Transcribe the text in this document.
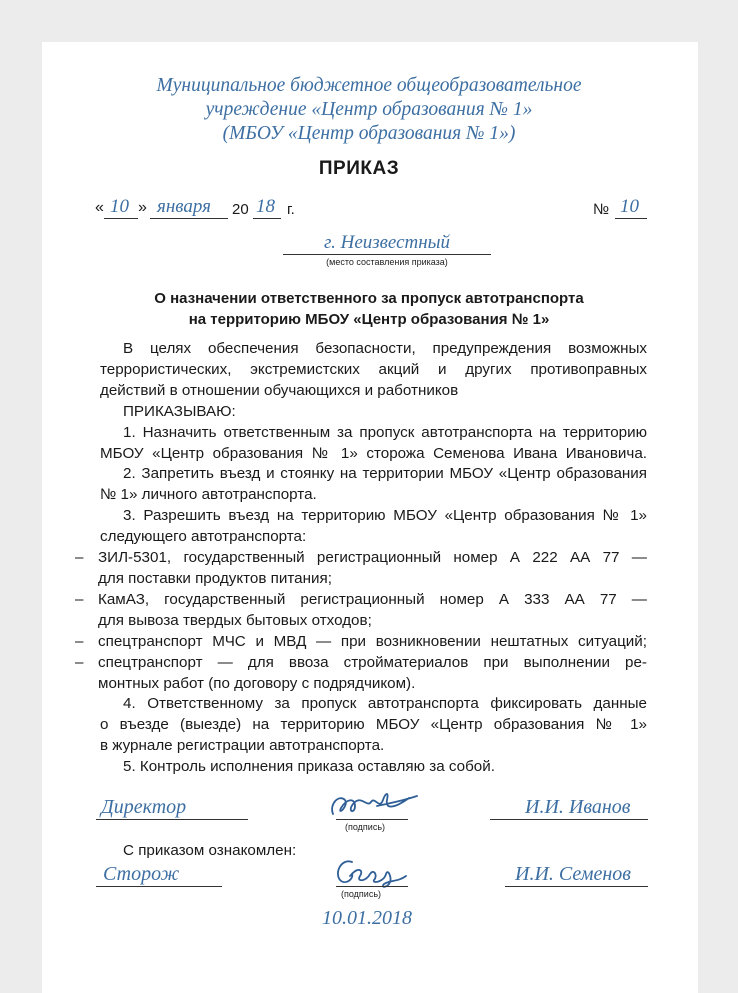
Муниципальное бюджетное общеобразовательное
учреждение «Центр образования № 1»
(МБОУ «Центр образования № 1»)
ПРИКАЗ
« 10 » января 20 18 г.	№ 10
г. Неизвестный
(место составления приказа)
О назначении ответственного за пропуск автотранспорта
на территорию МБОУ «Центр образования № 1»

В целях обеспечения безопасности, предупреждения возможных

террористических, экстремистских акций и других противоправных

действий в отношении обучающихся и работников

ПРИКАЗЫВАЮ:

1. Назначить ответственным за пропуск автотранспорта на территорию

МБОУ «Центр образования № 1» сторожа Семенова Ивана Ивановича.

2. Запретить въезд и стоянку на территории МБОУ «Центр образования

№ 1» личного автотранспорта.

3. Разрешить въезд на территорию МБОУ «Центр образования № 1»

следующего автотранспорта:

– ЗИЛ-5301, государственный регистрационный номер А 222 АА 77 —

для поставки продуктов питания;

– КамАЗ, государственный регистрационный номер А 333 АА 77 —

для вывоза твердых бытовых отходов;

– спецтранспорт МЧС и МВД — при возникновении нештатных ситуаций;

– спецтранспорт — для ввоза стройматериалов при выполнении ре-

монтных работ (по договору с подрядчиком).

4. Ответственному за пропуск автотранспорта фиксировать данные

о въезде (выезде) на территорию МБОУ «Центр образования № 1»

в журнале регистрации автотранспорта.

5. Контроль исполнения приказа оставляю за собой.

Директор
(подпись)
И.И. Иванов
С приказом ознакомлен:
Сторож
(подпись)
И.И. Семенов
10.01.2018
